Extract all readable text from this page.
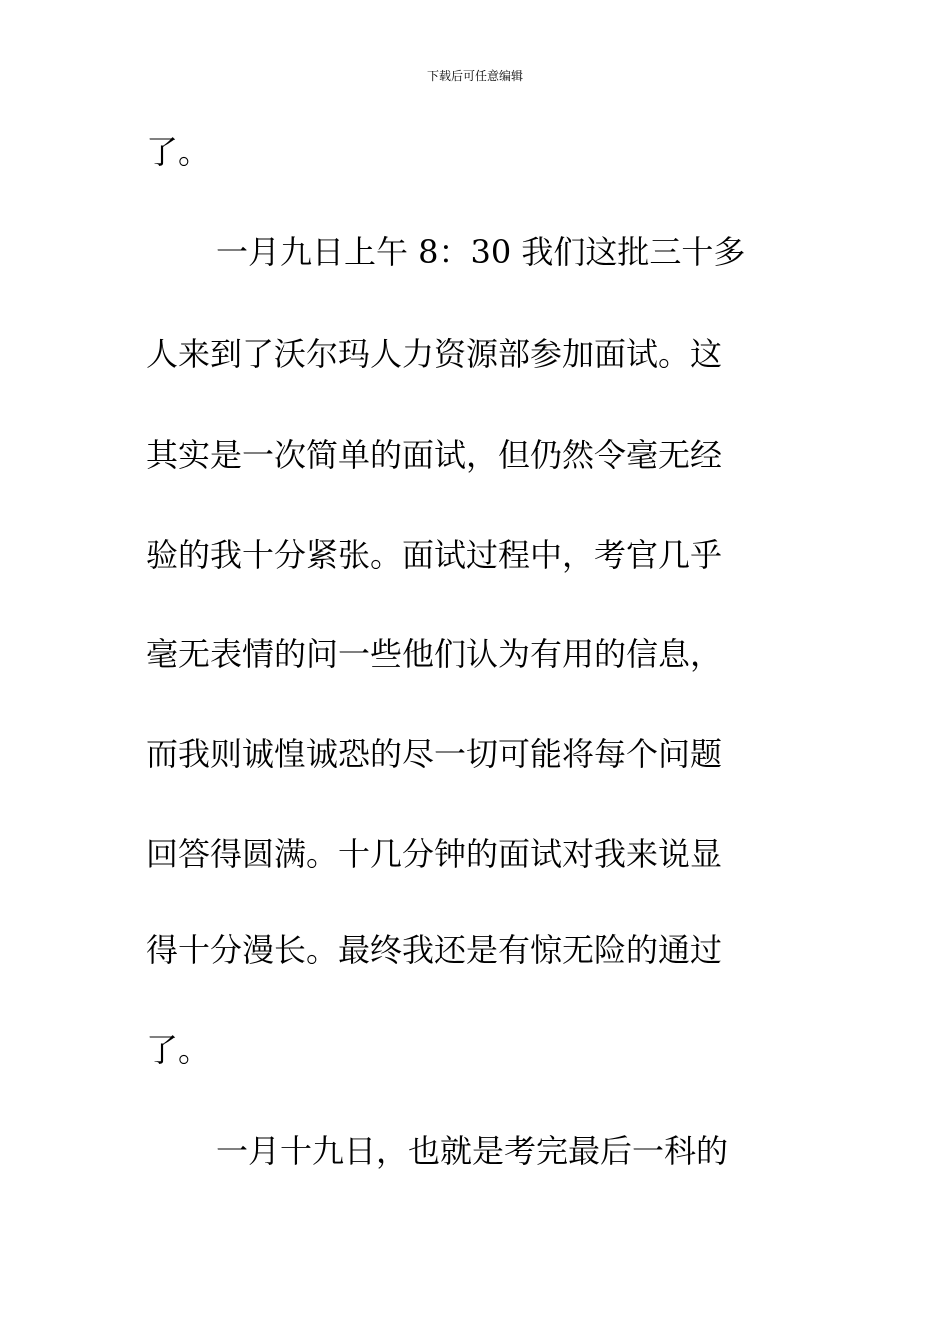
下载后可任意编辑
了。
一月九日上午 8：30 我们这批三十多
人来到了沃尔玛人力资源部参加面试。这
其实是一次简单的面试，但仍然令毫无经
验的我十分紧张。面试过程中，考官几乎
毫无表情的问一些他们认为有用的信息，
而我则诚惶诚恐的尽一切可能将每个问题
回答得圆满。十几分钟的面试对我来说显
得十分漫长。最终我还是有惊无险的通过
了。
一月十九日，也就是考完最后一科的
